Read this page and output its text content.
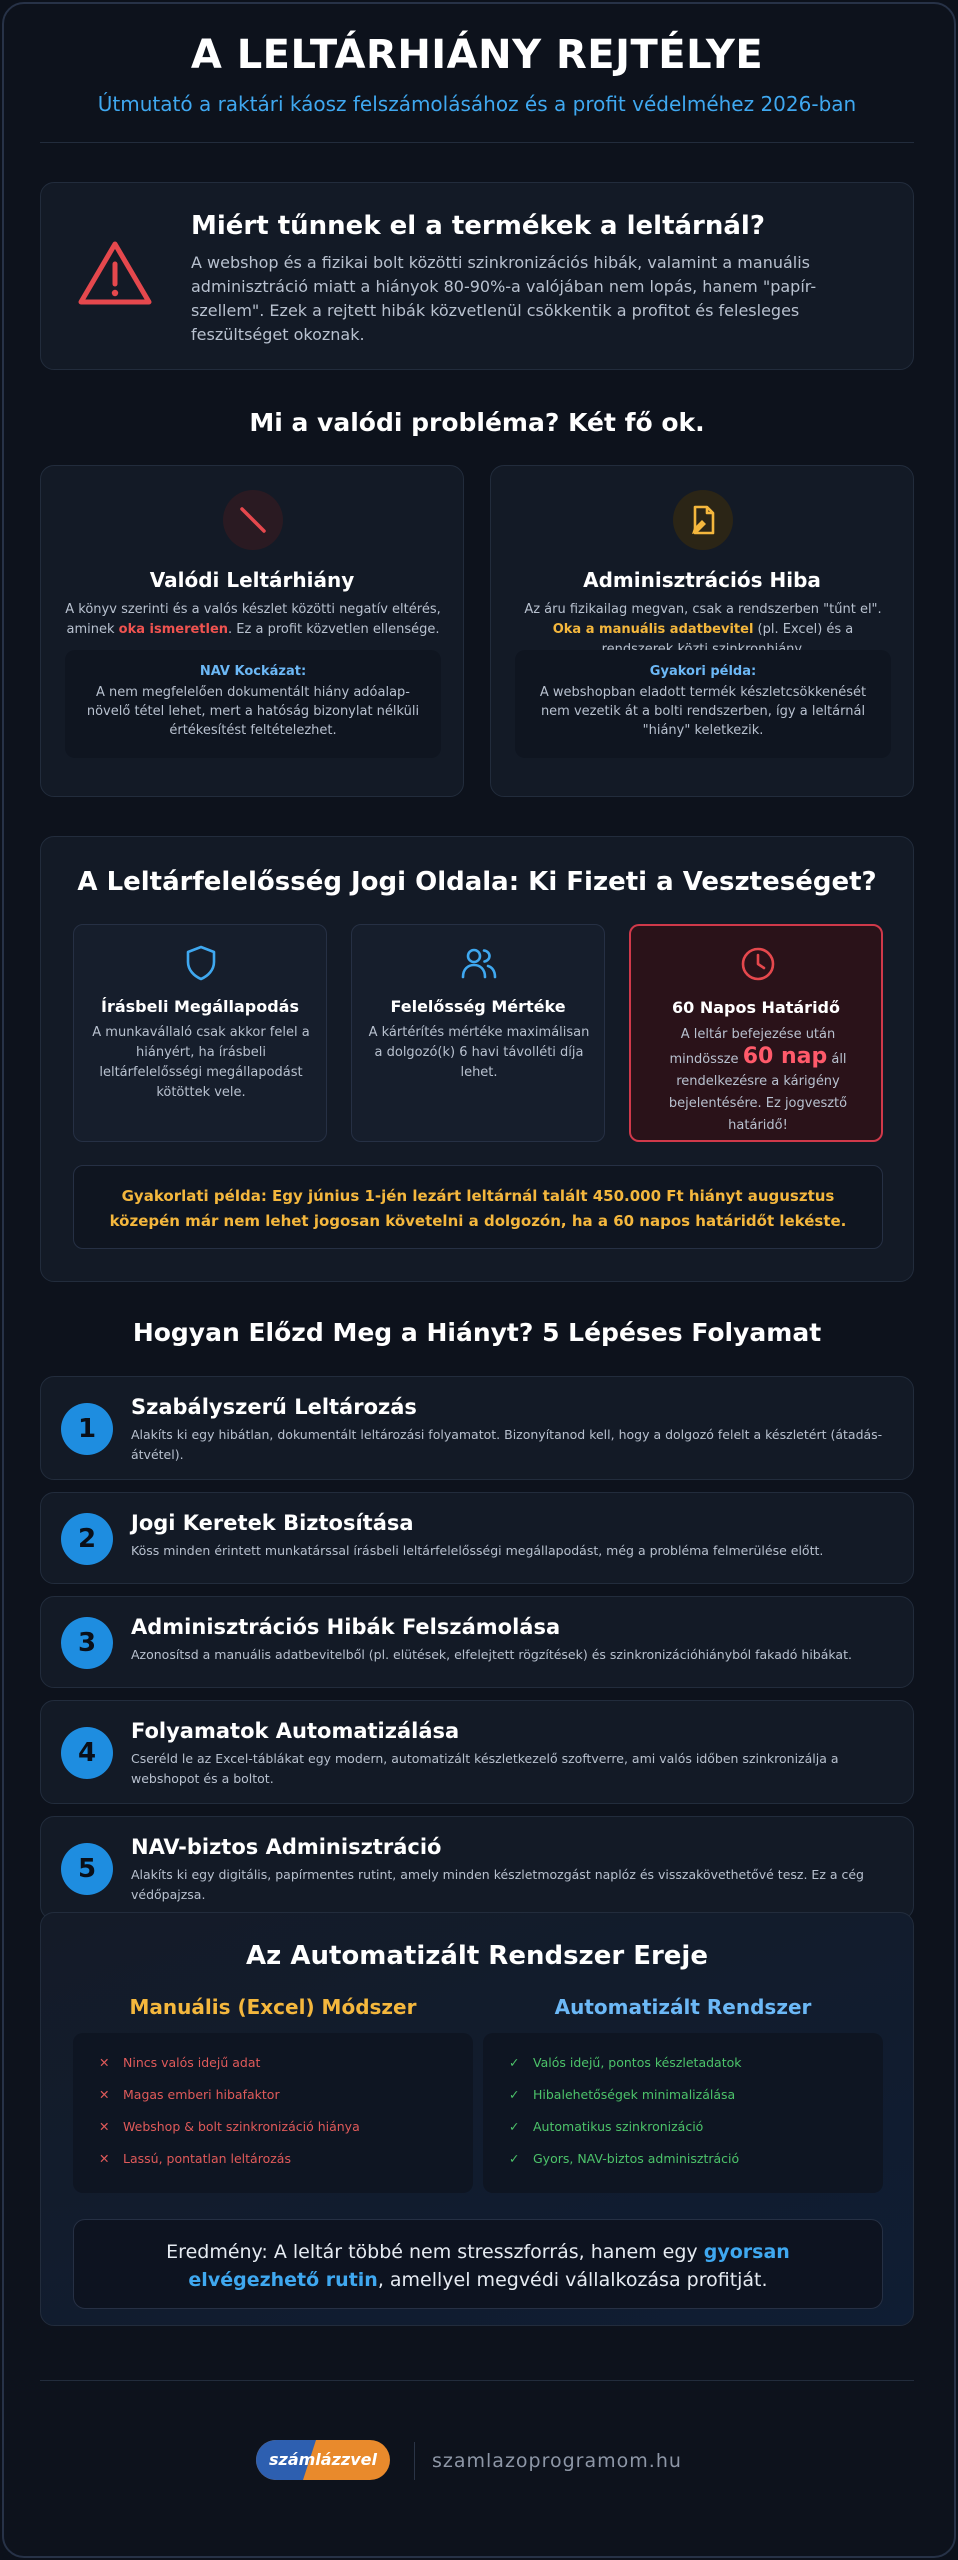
A LELTÁRHIÁNY REJTÉLYE
Útmutató a raktári káosz felszámolásához és a profit védelméhez 2026-ban
Miért tűnnek el a termékek a leltárnál?

A webshop és a fizikai bolt közötti szinkronizációs hibák, valamint a manuális adminisztráció miatt a hiányok 80-90%-a valójában nem lopás, hanem "papír-szellem". Ezek a rejtett hibák közvetlenül csökkentik a profitot és felesleges feszültséget okoznak.

Mi a valódi probléma? Két fő ok.
Valódi Leltárhiány
A könyv szerinti és a valós készlet közötti negatív eltérés, aminek oka ismeretlen. Ez a profit közvetlen ellensége.
NAV Kockázat:
A nem megfelelően dokumentált hiány adóalap-növelő tétel lehet, mert a hatóság bizonylat nélküli értékesítést feltételezhet.
Adminisztrációs Hiba
Az áru fizikailag megvan, csak a rendszerben "tűnt el". Oka a manuális adatbevitel (pl. Excel) és a
Gyakori példa:
A webshopban eladott termék készletcsökkenését nem vezetik át a bolti rendszerben, így a leltárnál "hiány" keletkezik.
A Leltárfelelősség Jogi Oldala: Ki Fizeti a Veszteséget?
Írásbeli Megállapodás
A munkavállaló csak akkor felel a hiányért, ha írásbeli leltárfelelősségi megállapodást kötöttek vele.
Felelősség Mértéke
A kártérítés mértéke maximálisan a dolgozó(k) 6 havi távolléti díja lehet.
60 Napos Határidő
A leltár befejezése után mindössze 60 nap áll rendelkezésre a kárigény bejelentésére. Ez jogvesztő határidő!
Gyakorlati példa: Egy június 1-jén lezárt leltárnál talált 450.000 Ft hiányt augusztus közepén már nem lehet jogosan követelni a dolgozón, ha a 60 napos határidőt lekéste.
Hogyan Előzd Meg a Hiányt? 5 Lépéses Folyamat
1
Szabályszerű Leltározás

Alakíts ki egy hibátlan, dokumentált leltározási folyamatot. Bizonyítanod kell, hogy a dolgozó felelt a készletért (átadás-átvétel).

2
Jogi Keretek Biztosítása

Köss minden érintett munkatárssal írásbeli leltárfelelősségi megállapodást, még a probléma felmerülése előtt.

3
Adminisztrációs Hibák Felszámolása

Azonosítsd a manuális adatbevitelből (pl. elütések, elfelejtett rögzítések) és szinkronizációhiányból fakadó hibákat.

4
Folyamatok Automatizálása

Cseréld le az Excel-táblákat egy modern, automatizált készletkezelő szoftverre, ami valós időben szinkronizálja a webshopot és a boltot.

5
NAV-biztos Adminisztráció

Alakíts ki egy digitális, papírmentes rutint, amely minden készletmozgást naplóz és visszakövethetővé tesz. Ez a cég védőpajzsa.

Az Automatizált Rendszer Ereje
Manuális (Excel) Módszer	Automatizált Rendszer
✕ Nincs valós idejű adat
✕ Magas emberi hibafaktor
✕ Webshop & bolt szinkronizáció hiánya
✕ Lassú, pontatlan leltározás
✓ Valós idejű, pontos készletadatok
✓ Hibalehetőségek minimalizálása
✓ Automatikus szinkronizáció
✓ Gyors, NAV-biztos adminisztráció
Eredmény: A leltár többé nem stresszforrás, hanem egy gyorsan elvégezhető rutin, amellyel megvédi vállalkozása profitját.
számlázzvel	szamlazoprogramom.hu
